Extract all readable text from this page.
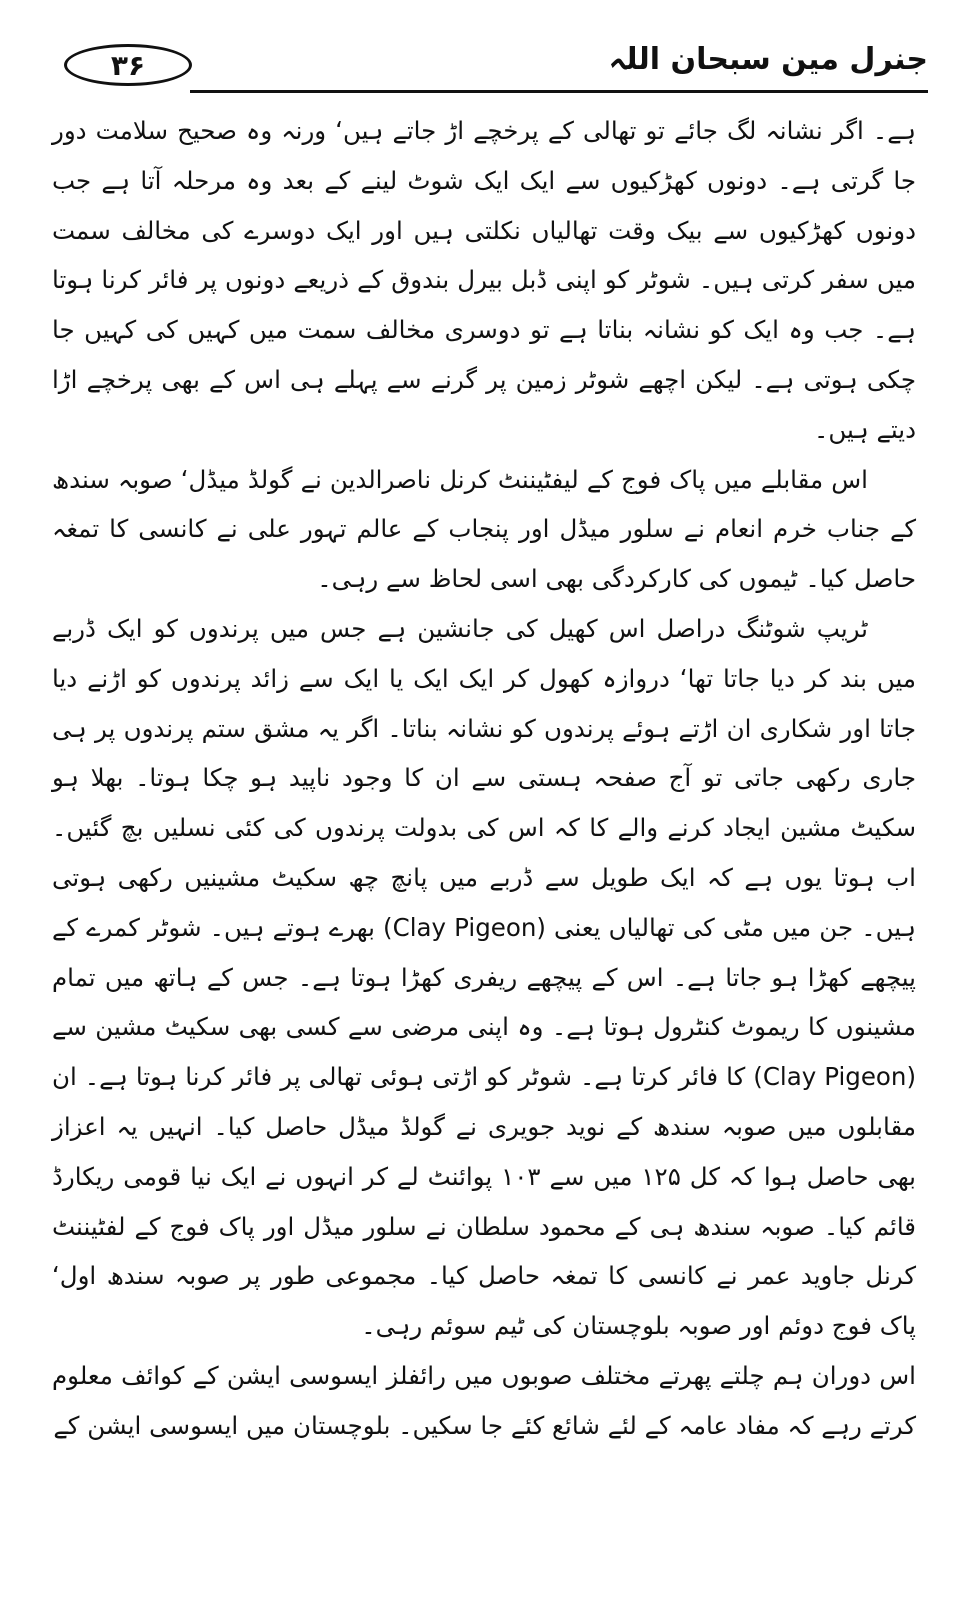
۳۶	جنرل مین سبحان اللہ

ہے۔ اگر نشانہ لگ جائے تو تھالی کے پرخچے اڑ جاتے ہیں‘ ورنہ وہ صحیح سلامت دور جا گرتی ہے۔ دونوں کھڑکیوں سے ایک ایک شوٹ لینے کے بعد وہ مرحلہ آتا ہے جب دونوں کھڑکیوں سے بیک وقت تھالیاں نکلتی ہیں اور ایک دوسرے کی مخالف سمت میں سفر کرتی ہیں۔ شوٹر کو اپنی ڈبل بیرل بندوق کے ذریعے دونوں پر فائر کرنا ہوتا ہے۔ جب وہ ایک کو نشانہ بناتا ہے تو دوسری مخالف سمت میں کہیں کی کہیں جا چکی ہوتی ہے۔ لیکن اچھے شوٹر زمین پر گرنے سے پہلے ہی اس کے بھی پرخچے اڑا دیتے ہیں۔

اس مقابلے میں پاک فوج کے لیفٹیننٹ کرنل ناصرالدین نے گولڈ میڈل‘ صوبہ سندھ کے جناب خرم انعام نے سلور میڈل اور پنجاب کے عالم تہور علی نے کانسی کا تمغہ حاصل کیا۔ ٹیموں کی کارکردگی بھی اسی لحاظ سے رہی۔

ٹریپ شوٹنگ دراصل اس کھیل کی جانشین ہے جس میں پرندوں کو ایک ڈربے میں بند کر دیا جاتا تھا‘ دروازہ کھول کر ایک ایک یا ایک سے زائد پرندوں کو اڑنے دیا جاتا اور شکاری ان اڑتے ہوئے پرندوں کو نشانہ بناتا۔ اگر یہ مشق ستم پرندوں پر ہی جاری رکھی جاتی تو آج صفحہ ہستی سے ان کا وجود ناپید ہو چکا ہوتا۔ بھلا ہو سکیٹ مشین ایجاد کرنے والے کا کہ اس کی بدولت پرندوں کی کئی نسلیں بچ گئیں۔ اب ہوتا یوں ہے کہ ایک طویل سے ڈربے میں پانچ چھ سکیٹ مشینیں رکھی ہوتی ہیں۔ جن میں مٹی کی تھالیاں یعنی (Clay Pigeon) بھرے ہوتے ہیں۔ شوٹر کمرے کے پیچھے کھڑا ہو جاتا ہے۔ اس کے پیچھے ریفری کھڑا ہوتا ہے۔ جس کے ہاتھ میں تمام مشینوں کا ریموٹ کنٹرول ہوتا ہے۔ وہ اپنی مرضی سے کسی بھی سکیٹ مشین سے (Clay Pigeon) کا فائر کرتا ہے۔ شوٹر کو اڑتی ہوئی تھالی پر فائر کرنا ہوتا ہے۔ ان مقابلوں میں صوبہ سندھ کے نوید جویری نے گولڈ میڈل حاصل کیا۔ انہیں یہ اعزاز بھی حاصل ہوا کہ کل ۱۲۵ میں سے ۱۰۳ پوائنٹ لے کر انہوں نے ایک نیا قومی ریکارڈ قائم کیا۔ صوبہ سندھ ہی کے محمود سلطان نے سلور میڈل اور پاک فوج کے لفٹیننٹ کرنل جاوید عمر نے کانسی کا تمغہ حاصل کیا۔ مجموعی طور پر صوبہ سندھ اول‘ پاک فوج دوئم اور صوبہ بلوچستان کی ٹیم سوئم رہی۔

اس دوران ہم چلتے پھرتے مختلف صوبوں میں رائفلز ایسوسی ایشن کے کوائف معلوم کرتے رہے کہ مفاد عامہ کے لئے شائع کئے جا سکیں۔ بلوچستان میں ایسوسی ایشن کے
